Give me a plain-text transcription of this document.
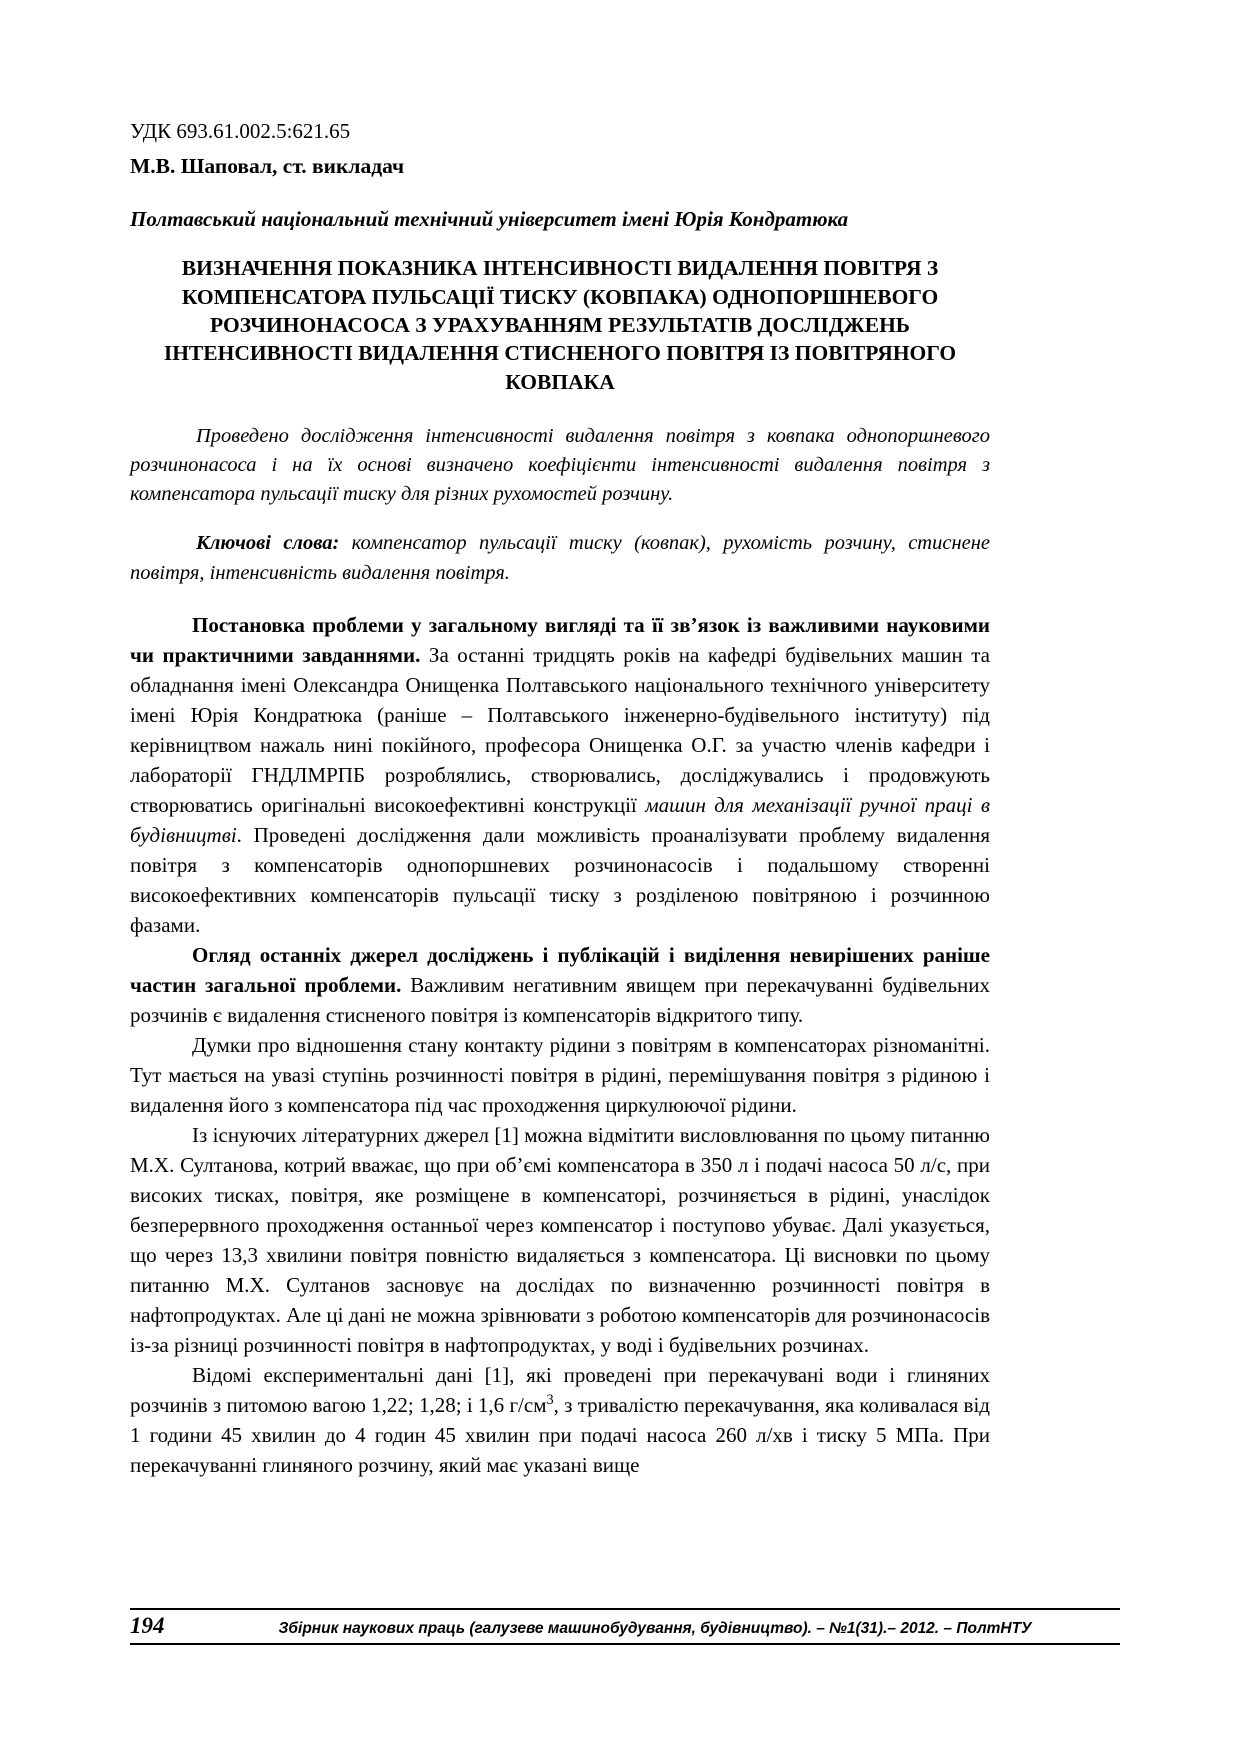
УДК 693.61.002.5:621.65
М.В. Шаповал, ст. викладач
Полтавський національний технічний університет імені Юрія Кондратюка
ВИЗНАЧЕННЯ ПОКАЗНИКА ІНТЕНСИВНОСТІ ВИДАЛЕННЯ ПОВІТРЯ З КОМПЕНСАТОРА ПУЛЬСАЦІЇ ТИСКУ (КОВПАКА) ОДНОПОРШНЕВОГО РОЗЧИНОНАСОСА З УРАХУВАННЯМ РЕЗУЛЬТАТІВ ДОСЛІДЖЕНЬ ІНТЕНСИВНОСТІ ВИДАЛЕННЯ СТИСНЕНОГО ПОВІТРЯ ІЗ ПОВІТРЯНОГО КОВПАКА
Проведено дослідження інтенсивності видалення повітря з ковпака однопоршневого розчинонасоса і на їх основі визначено коефіцієнти інтенсивності видалення повітря з компенсатора пульсації тиску для різних рухомостей розчину.
Ключові слова: компенсатор пульсації тиску (ковпак), рухомість розчину, стиснене повітря, інтенсивність видалення повітря.

Постановка проблеми у загальному вигляді та її зв’язок із важливими науковими чи практичними завданнями. За останні тридцять років на кафедрі будівельних машин та обладнання імені Олександра Онищенка Полтавського національного технічного університету імені Юрія Кондратюка (раніше – Полтавського інженерно-будівельного інституту) під керівництвом нажаль нині покійного, професора Онищенка О.Г. за участю членів кафедри і лабораторії ГНДЛМРПБ розроблялись, створювались, досліджувались і продовжують створюватись оригінальні високоефективні конструкції машин для механізації ручної праці в будівництві. Проведені дослідження дали можливість проаналізувати проблему видалення повітря з компенсаторів однопоршневих розчинонасосів і подальшому створенні високоефективних компенсаторів пульсації тиску з розділеною повітряною і розчинною фазами.

Огляд останніх джерел досліджень і публікацій і виділення невирішених раніше частин загальної проблеми. Важливим негативним явищем при перекачуванні будівельних розчинів є видалення стисненого повітря із компенсаторів відкритого типу.

Думки про відношення стану контакту рідини з повітрям в компенсаторах різноманітні. Тут мається на увазі ступінь розчинності повітря в рідині, перемішування повітря з рідиною і видалення його з компенсатора під час проходження циркулюючої рідини.

Із існуючих літературних джерел [1] можна відмітити висловлювання по цьому питанню М.Х. Султанова, котрий вважає, що при об’ємі компенсатора в 350 л і подачі насоса 50 л/с, при високих тисках, повітря, яке розміщене в компенсаторі, розчиняється в рідині, унаслідок безперервного проходження останньої через компенсатор і поступово убуває. Далі указується, що через 13,3 хвилини повітря повністю видаляється з компенсатора. Ці висновки по цьому питанню М.Х. Султанов засновує на дослідах по визначенню розчинності повітря в нафтопродуктах. Але ці дані не можна зрівнювати з роботою компенсаторів для розчинонасосів із-за різниці розчинності повітря в нафтопродуктах, у воді і будівельних розчинах.

Відомі експериментальні дані [1], які проведені при перекачувані води і глиняних розчинів з питомою вагою 1,22; 1,28; і 1,6 $г/см^3$, з тривалістю перекачування, яка коливалася від 1 години 45 хвилин до 4 годин 45 хвилин при подачі насоса 260 л/хв і тиску 5 МПа. При перекачуванні глиняного розчину, який має указані вище

194	Збірник наукових праць (галузеве машинобудування, будівництво). – №1(31).– 2012. – ПолтНТУ
